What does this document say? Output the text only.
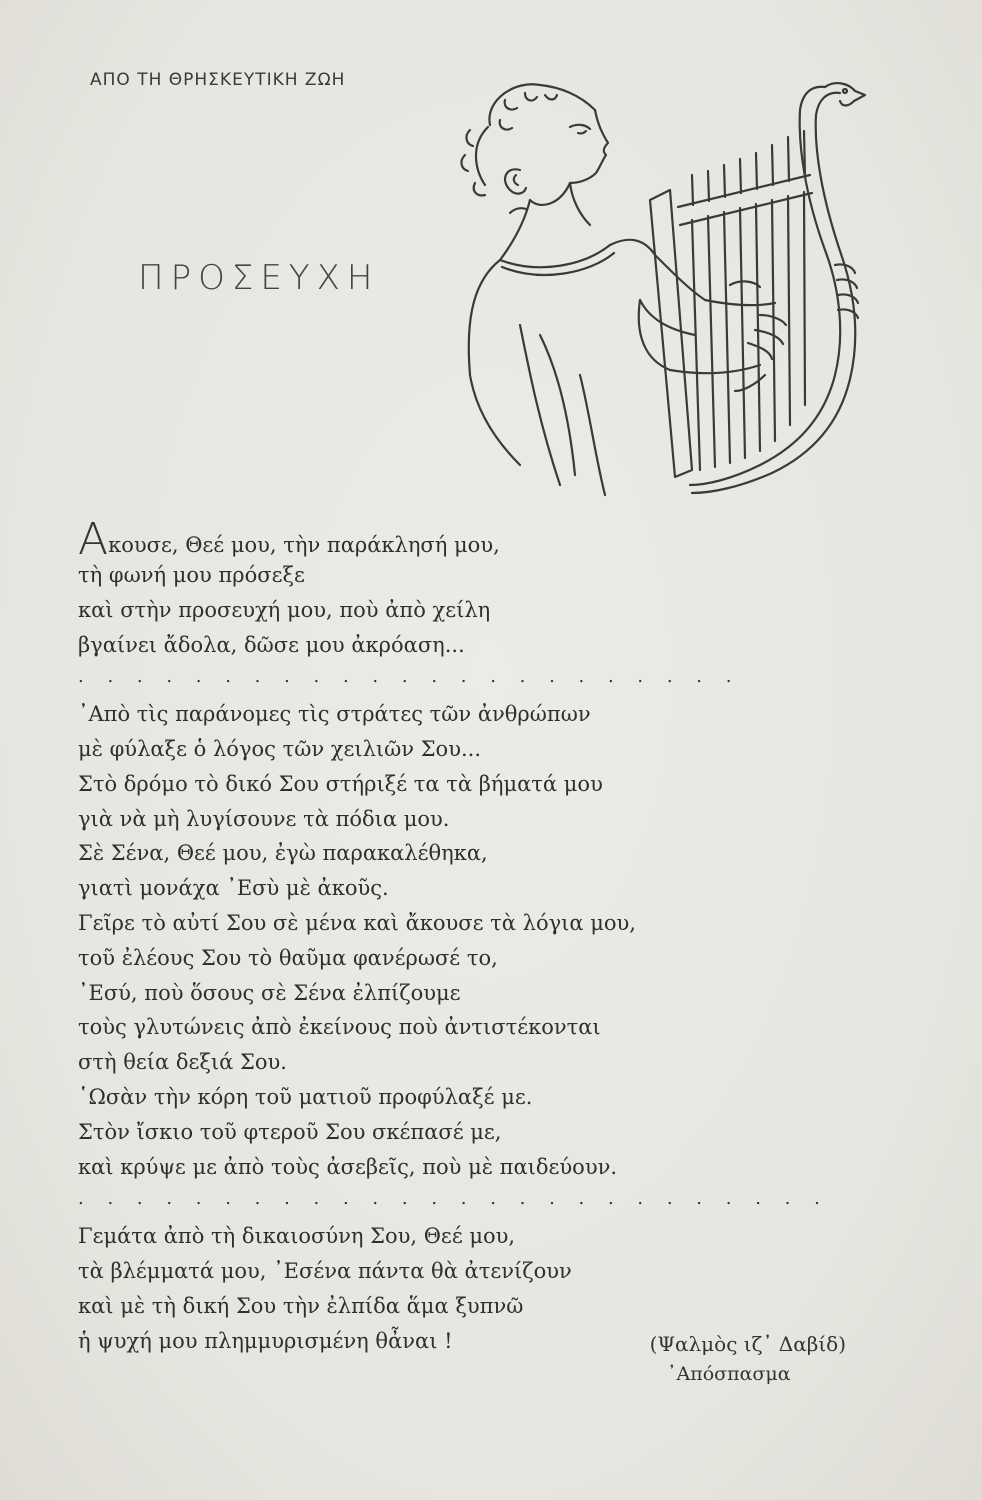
ΑΠΟ ΤΗ ΘΡΗΣΚΕΥΤΙΚΗ ΖΩΗ
ΠΡΟΣΕΥΧΗ
Ακουσε, Θεέ μου, τὴν παράκλησή μου,
τὴ φωνή μου πρόσεξε
καὶ στὴν προσευχή μου, ποὺ ἀπὸ χείλη
βγαίνει ἄδολα, δῶσε μου ἀκρόαση...
. . . . . . . . . . . . . . . . . . . . . . .
᾽Απὸ τὶς παράνομες τὶς στράτες τῶν ἀνθρώπων
μὲ φύλαξε ὁ λόγος τῶν χειλιῶν Σου...
Στὸ δρόμο τὸ δικό Σου στήριξέ τα τὰ βήματά μου
γιὰ νὰ μὴ λυγίσουνε τὰ πόδια μου.
Σὲ Σένα, Θεέ μου, ἐγὼ παρακαλέθηκα,
γιατὶ μονάχα ᾽Εσὺ μὲ ἀκοῦς.
Γεῖρε τὸ αὐτί Σου σὲ μένα καὶ ἄκουσε τὰ λόγια μου,
τοῦ ἐλέους Σου τὸ θαῦμα φανέρωσέ το,
᾽Εσύ, ποὺ ὅσους σὲ Σένα ἐλπίζουμε
τοὺς γλυτώνεις ἀπὸ ἐκείνους ποὺ ἀντιστέκονται
στὴ θεία δεξιά Σου.
῾Ωσὰν τὴν κόρη τοῦ ματιοῦ προφύλαξέ με.
Στὸν ἴσκιο τοῦ φτεροῦ Σου σκέπασέ με,
καὶ κρύψε με ἀπὸ τοὺς ἀσεβεῖς, ποὺ μὲ παιδεύουν.
. . . . . . . . . . . . . . . . . . . . . . . . . .
Γεμάτα ἀπὸ τὴ δικαιοσύνη Σου, Θεέ μου,
τὰ βλέμματά μου, ᾽Εσένα πάντα θὰ ἀτενίζουν
καὶ μὲ τὴ δική Σου τὴν ἐλπίδα ἅμα ξυπνῶ
ἡ ψυχή μου πλημμυρισμένη θἆναι !	(Ψαλμὸς ιζ᾽ Δαβίδ)
᾽Απόσπασμα
